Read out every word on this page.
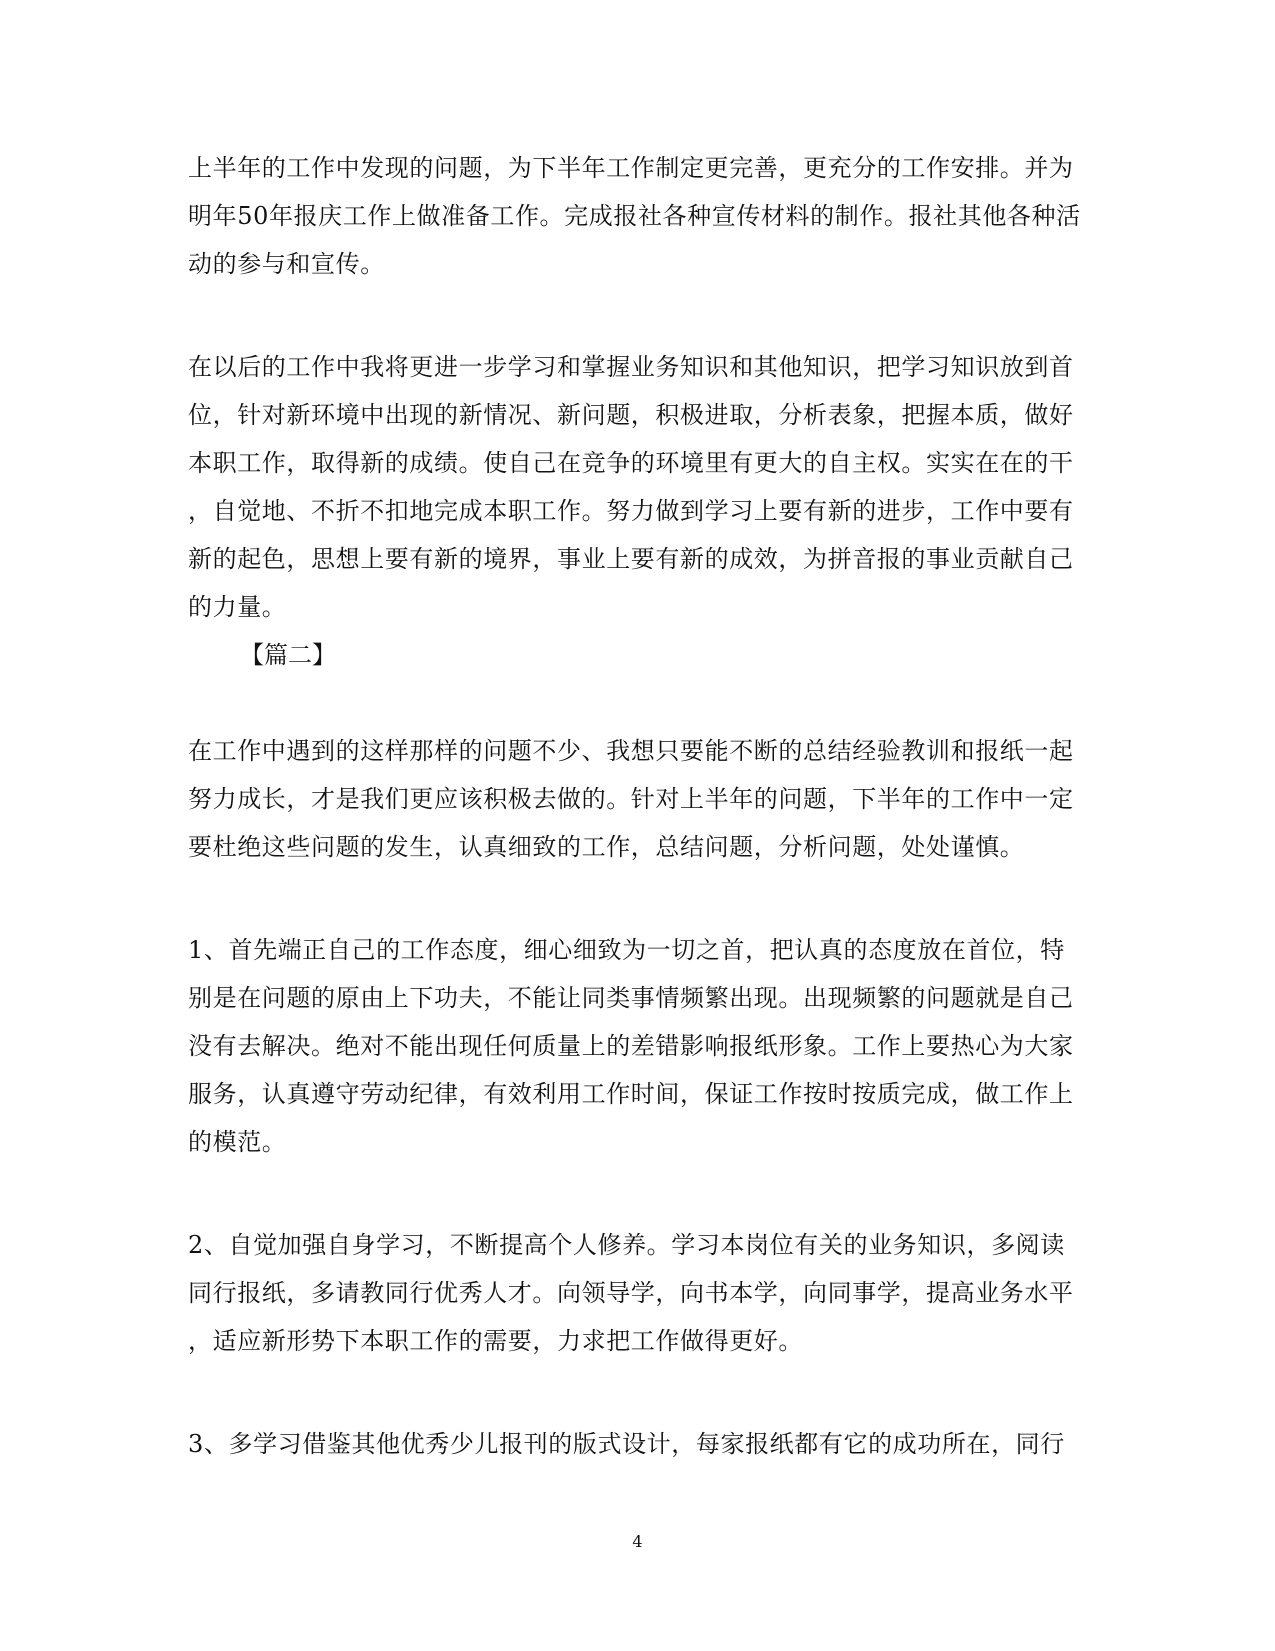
上半年的工作中发现的问题，为下半年工作制定更完善，更充分的工作安排。并为
明年50年报庆工作上做准备工作。完成报社各种宣传材料的制作。报社其他各种活
动的参与和宣传。
在以后的工作中我将更进一步学习和掌握业务知识和其他知识，把学习知识放到首
位，针对新环境中出现的新情况、新问题，积极进取，分析表象，把握本质，做好
本职工作，取得新的成绩。使自己在竞争的环境里有更大的自主权。实实在在的干
，自觉地、不折不扣地完成本职工作。努力做到学习上要有新的进步，工作中要有
新的起色，思想上要有新的境界，事业上要有新的成效，为拼音报的事业贡献自己
的力量。
【篇二】
在工作中遇到的这样那样的问题不少、我想只要能不断的总结经验教训和报纸一起
努力成长，才是我们更应该积极去做的。针对上半年的问题，下半年的工作中一定
要杜绝这些问题的发生，认真细致的工作，总结问题，分析问题，处处谨慎。
1、首先端正自己的工作态度，细心细致为一切之首，把认真的态度放在首位，特
别是在问题的原由上下功夫，不能让同类事情频繁出现。出现频繁的问题就是自己
没有去解决。绝对不能出现任何质量上的差错影响报纸形象。工作上要热心为大家
服务，认真遵守劳动纪律，有效利用工作时间，保证工作按时按质完成，做工作上
的模范。
2、自觉加强自身学习，不断提高个人修养。学习本岗位有关的业务知识，多阅读
同行报纸，多请教同行优秀人才。向领导学，向书本学，向同事学，提高业务水平
，适应新形势下本职工作的需要，力求把工作做得更好。
3、多学习借鉴其他优秀少儿报刊的版式设计，每家报纸都有它的成功所在，同行
4
